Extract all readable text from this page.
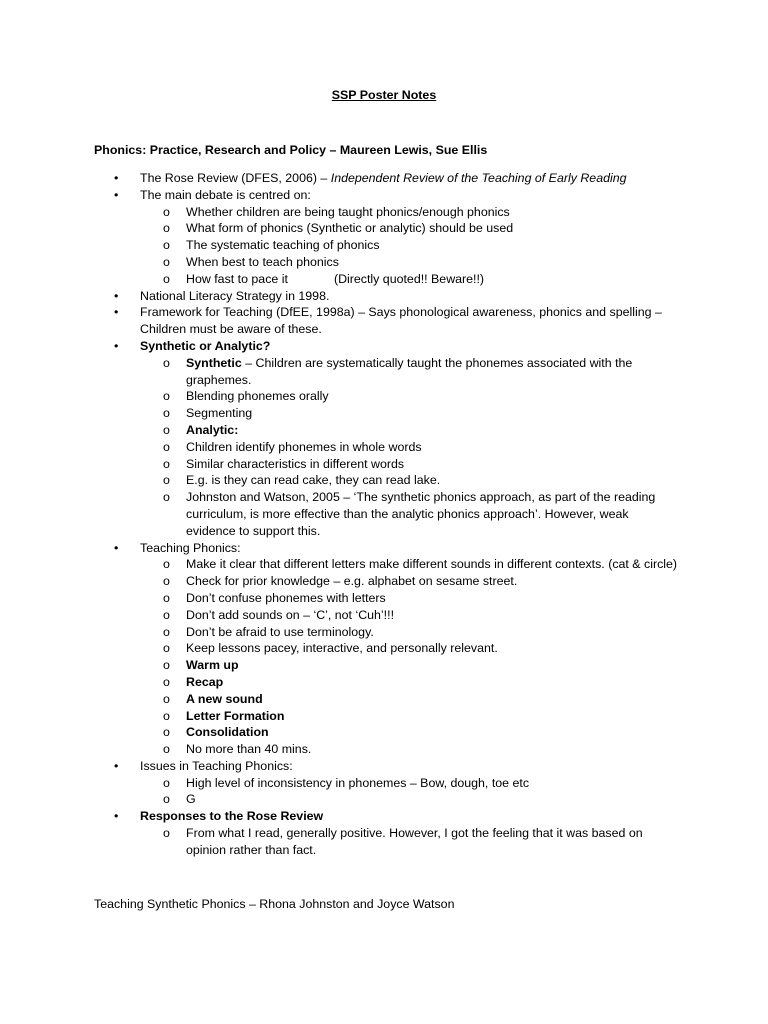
SSP Poster Notes
Phonics: Practice, Research and Policy – Maureen Lewis, Sue Ellis
• The Rose Review (DFES, 2006) – Independent Review of the Teaching of Early Reading
• The main debate is centred on:
o Whether children are being taught phonics/enough phonics
o What form of phonics (Synthetic or analytic) should be used
o The systematic teaching of phonics
o When best to teach phonics
o How fast to pace it	(Directly quoted!! Beware!!)
• National Literacy Strategy in 1998.
• Framework for Teaching (DfEE, 1998a) – Says phonological awareness, phonics and spelling – Children must be aware of these.
• Synthetic or Analytic?
o Synthetic – Children are systematically taught the phonemes associated with the graphemes.
o Blending phonemes orally
o Segmenting
o Analytic:
o Children identify phonemes in whole words
o Similar characteristics in different words
o E.g. is they can read cake, they can read lake.
o Johnston and Watson, 2005 – ‘The synthetic phonics approach, as part of the reading curriculum, is more effective than the analytic phonics approach’. However, weak evidence to support this.
• Teaching Phonics:
o Make it clear that different letters make different sounds in different contexts. (cat & circle)
o Check for prior knowledge – e.g. alphabet on sesame street.
o Don’t confuse phonemes with letters
o Don’t add sounds on – ‘C’, not ‘Cuh’!!!
o Don’t be afraid to use terminology.
o Keep lessons pacey, interactive, and personally relevant.
o Warm up
o Recap
o A new sound
o Letter Formation
o Consolidation
o No more than 40 mins.
• Issues in Teaching Phonics:
o High level of inconsistency in phonemes – Bow, dough, toe etc
o G
• Responses to the Rose Review
o From what I read, generally positive. However, I got the feeling that it was based on opinion rather than fact.
Teaching Synthetic Phonics – Rhona Johnston and Joyce Watson
